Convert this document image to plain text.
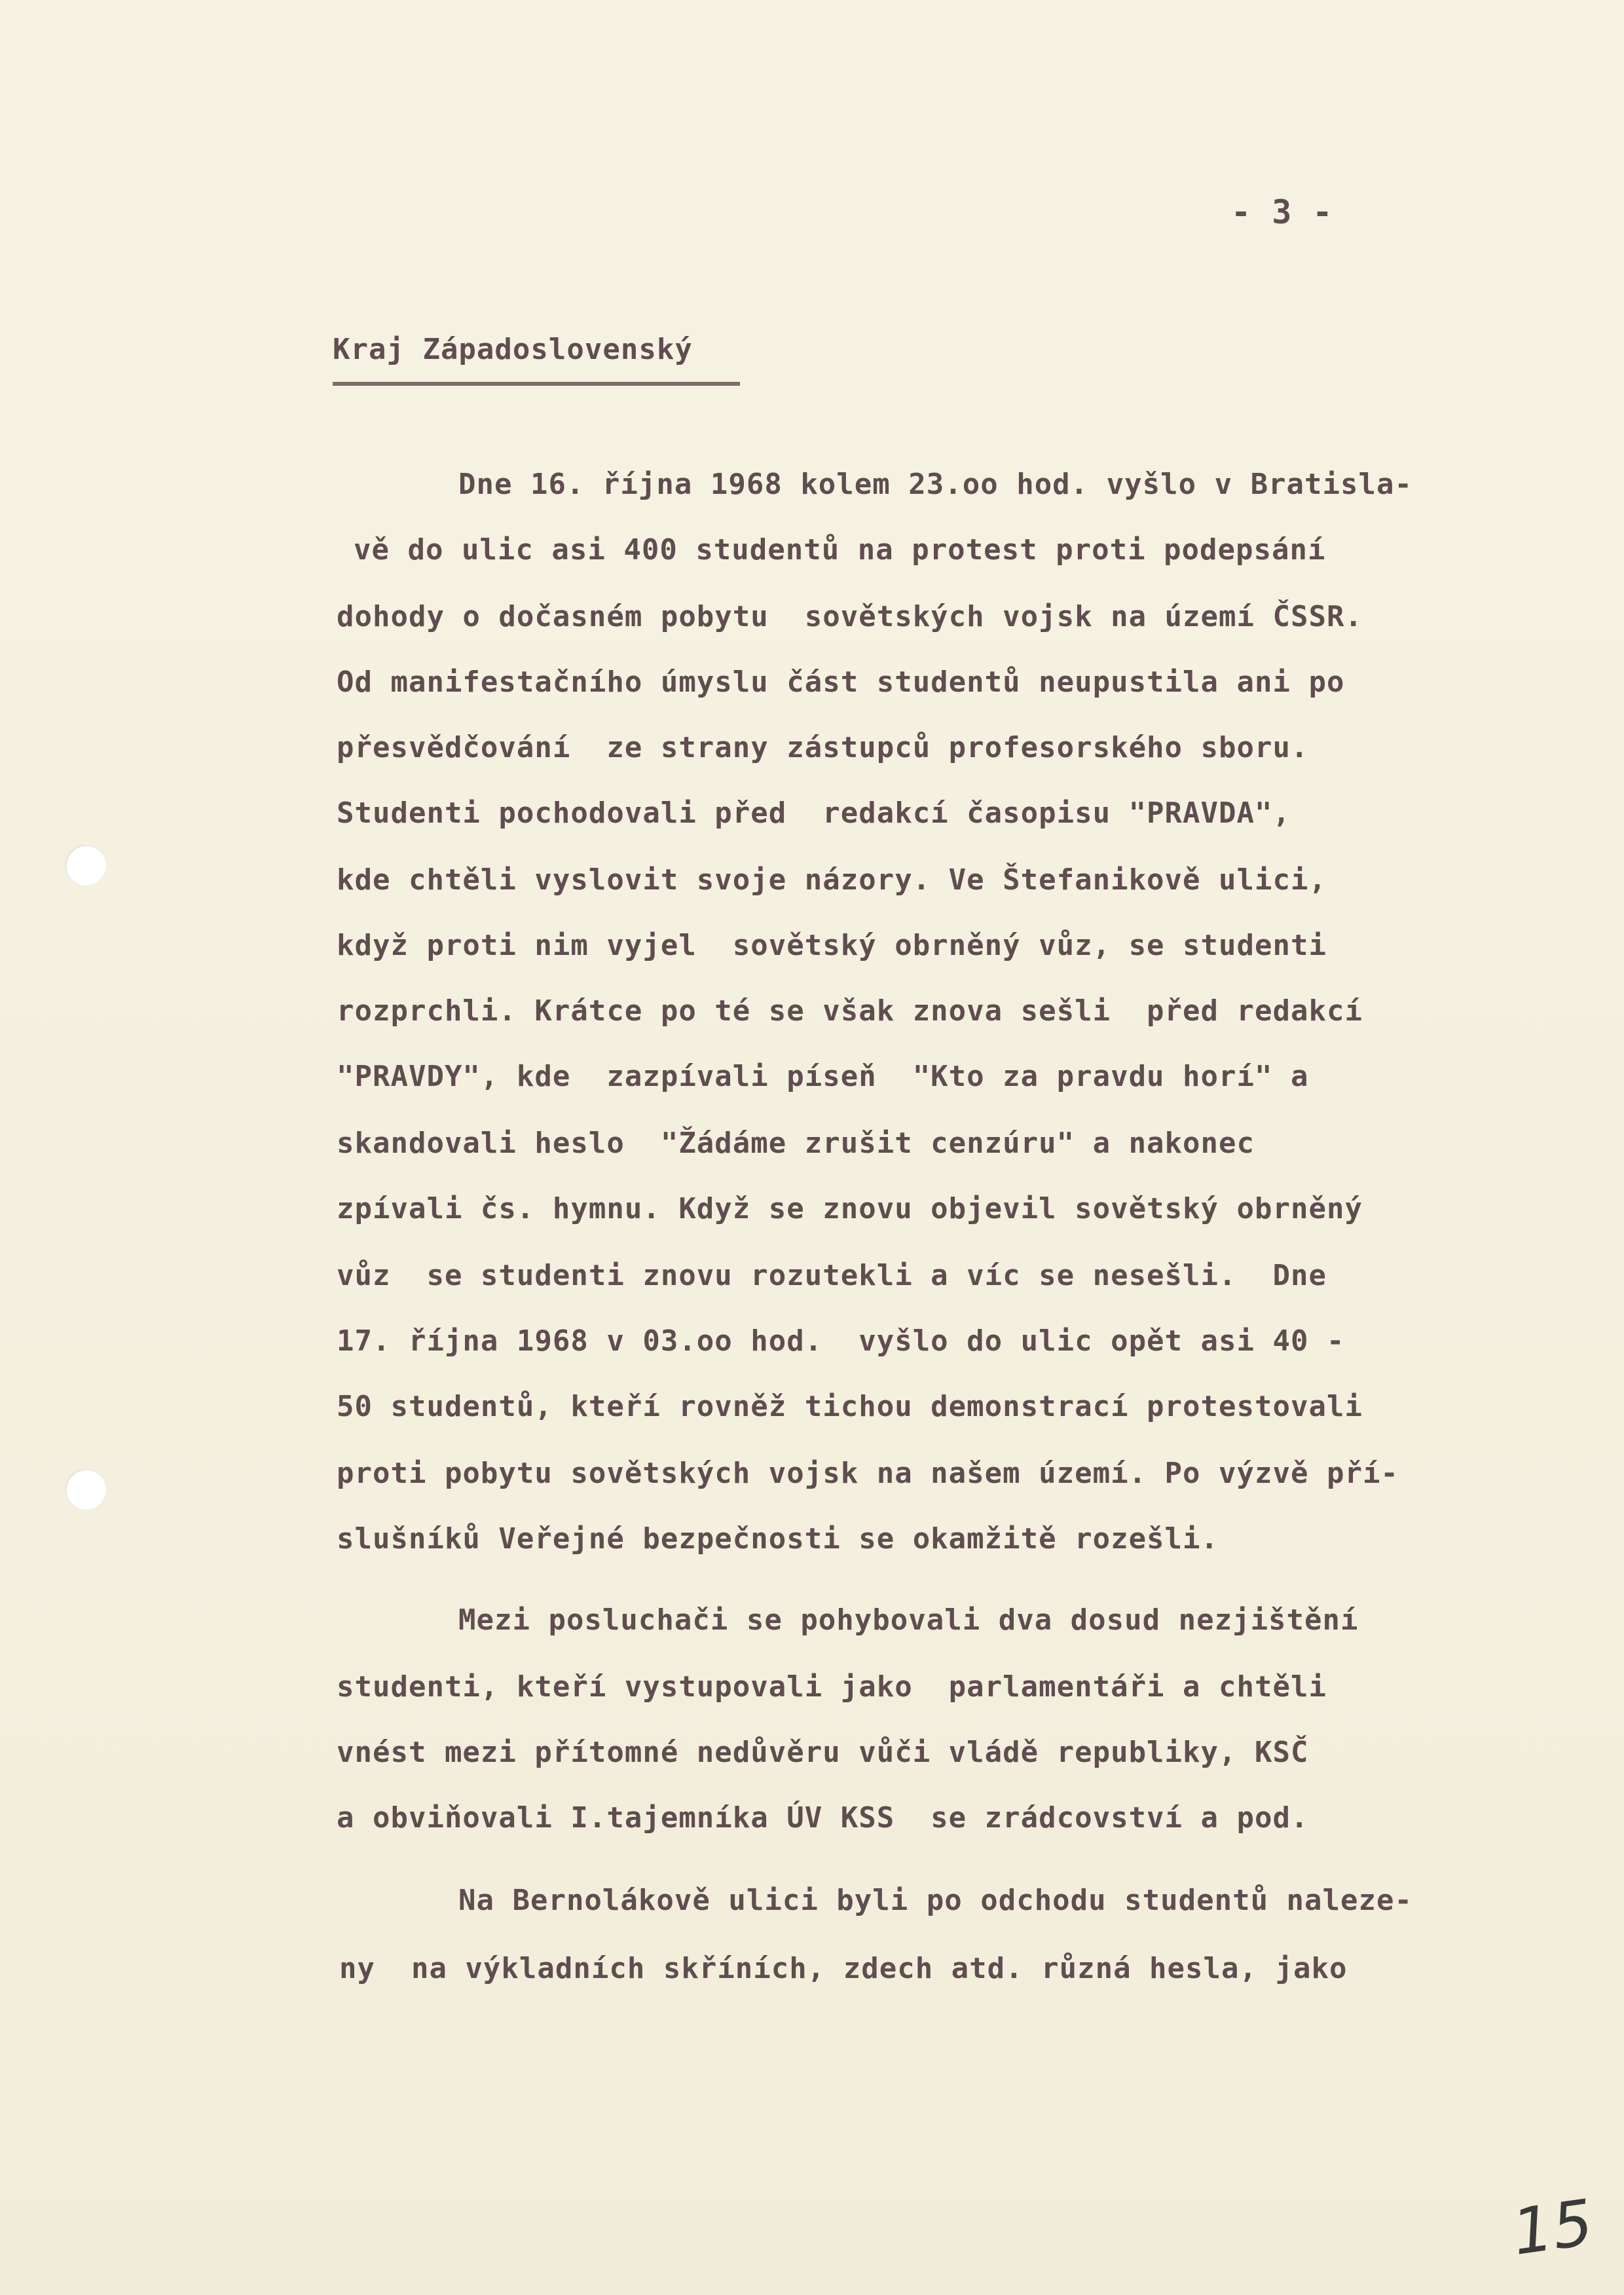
- 3 -
Kraj Západoslovenský
Dne 16. října 1968 kolem 23.oo hod. vyšlo v Bratisla-
vě do ulic asi 400 studentů na protest proti podepsání
dohody o dočasném pobytu  sovětských vojsk na území ČSSR.
Od manifestačního úmyslu část studentů neupustila ani po
přesvědčování  ze strany zástupců profesorského sboru.
Studenti pochodovali před  redakcí časopisu "PRAVDA",
kde chtěli vyslovit svoje názory. Ve Štefanikově ulici,
když proti nim vyjel  sovětský obrněný vůz, se studenti
rozprchli. Krátce po té se však znova sešli  před redakcí
"PRAVDY", kde  zazpívali píseň  "Kto za pravdu horí" a
skandovali heslo  "Žádáme zrušit cenzúru" a nakonec
zpívali čs. hymnu. Když se znovu objevil sovětský obrněný
vůz  se studenti znovu rozutekli a víc se nesešli.  Dne
17. října 1968 v 03.oo hod.  vyšlo do ulic opět asi 40 -
50 studentů, kteří rovněž tichou demonstrací protestovali
proti pobytu sovětských vojsk na našem území. Po výzvě pří-
slušníků Veřejné bezpečnosti se okamžitě rozešli.
Mezi posluchači se pohybovali dva dosud nezjištění
studenti, kteří vystupovali jako  parlamentáři a chtěli
vnést mezi přítomné nedůvěru vůči vládě republiky, KSČ
a obviňovali I.tajemníka ÚV KSS  se zrádcovství a pod.
Na Bernolákově ulici byli po odchodu studentů naleze-
ny  na výkladních skříních, zdech atd. různá hesla, jako
15
